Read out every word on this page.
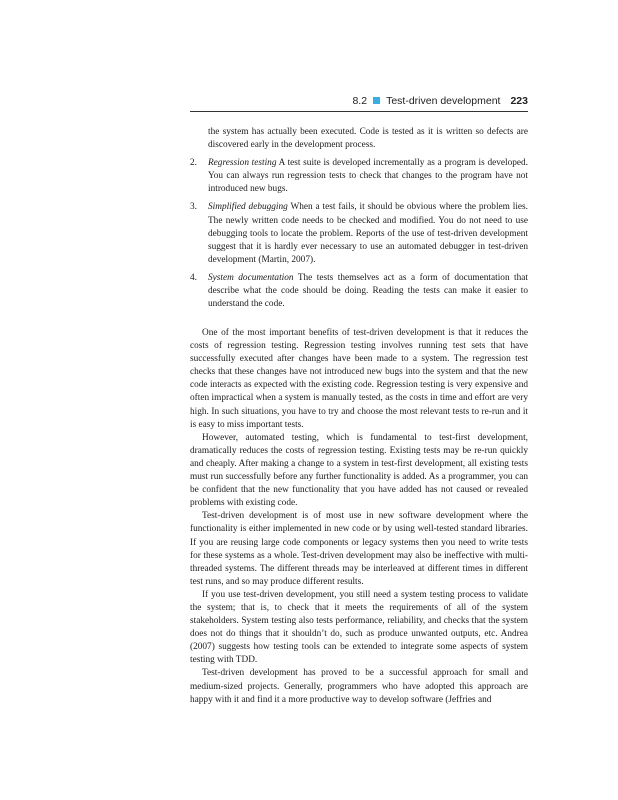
8.2 Test-driven development 223
the system has actually been executed. Code is tested as it is written so defects are discovered early in the development process.
2. Regression testing A test suite is developed incrementally as a program is developed. You can always run regression tests to check that changes to the program have not introduced new bugs.
3. Simplified debugging When a test fails, it should be obvious where the problem lies. The newly written code needs to be checked and modified. You do not need to use debugging tools to locate the problem. Reports of the use of test-driven development suggest that it is hardly ever necessary to use an automated debugger in test-driven development (Martin, 2007).
4. System documentation The tests themselves act as a form of documentation that describe what the code should be doing. Reading the tests can make it easier to understand the code.

One of the most important benefits of test-driven development is that it reduces the costs of regression testing. Regression testing involves running test sets that have successfully executed after changes have been made to a system. The regression test checks that these changes have not introduced new bugs into the system and that the new code interacts as expected with the existing code. Regression testing is very expensive and often impractical when a system is manually tested, as the costs in time and effort are very high. In such situations, you have to try and choose the most relevant tests to re-run and it is easy to miss important tests.

However, automated testing, which is fundamental to test-first development, dramatically reduces the costs of regression testing. Existing tests may be re-run quickly and cheaply. After making a change to a system in test-first development, all existing tests must run successfully before any further functionality is added. As a programmer, you can be confident that the new functionality that you have added has not caused or revealed problems with existing code.

Test-driven development is of most use in new software development where the functionality is either implemented in new code or by using well-tested standard libraries. If you are reusing large code components or legacy systems then you need to write tests for these systems as a whole. Test-driven development may also be ineffective with multi-threaded systems. The different threads may be interleaved at different times in different test runs, and so may produce different results.

If you use test-driven development, you still need a system testing process to validate the system; that is, to check that it meets the requirements of all of the system stakeholders. System testing also tests performance, reliability, and checks that the system does not do things that it shouldn’t do, such as produce unwanted outputs, etc. Andrea (2007) suggests how testing tools can be extended to integrate some aspects of system testing with TDD.

Test-driven development has proved to be a successful approach for small and medium-sized projects. Generally, programmers who have adopted this approach are happy with it and find it a more productive way to develop software (Jeffries and
